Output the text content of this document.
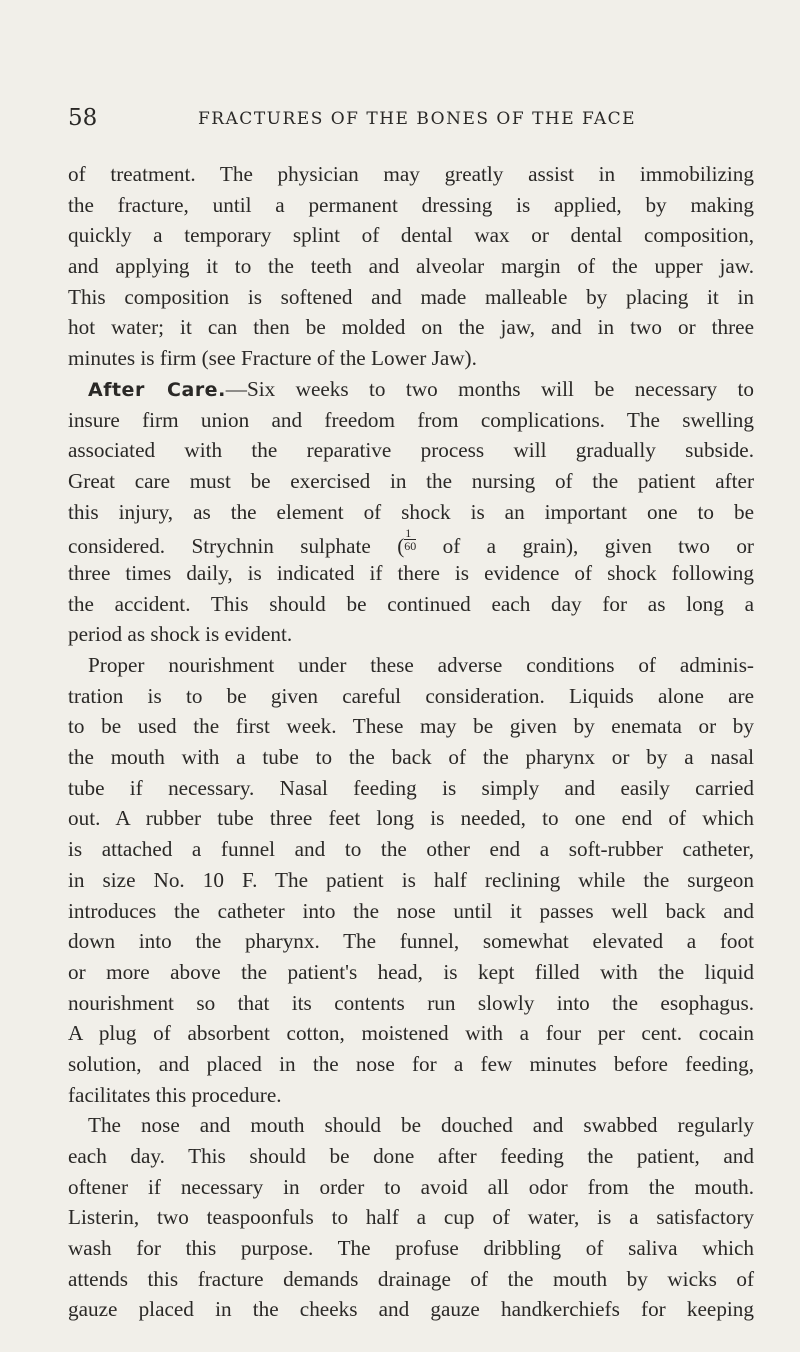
58	FRACTURES OF THE BONES OF THE FACE
of treatment. The physician may greatly assist in immobilizing
the fracture, until a permanent dressing is applied, by making
quickly a temporary splint of dental wax or dental composition,
and applying it to the teeth and alveolar margin of the upper jaw.
This composition is softened and made malleable by placing it in
hot water; it can then be molded on the jaw, and in two or three
minutes is firm (see Fracture of the Lower Jaw).
After Care.—Six weeks to two months will be necessary to
insure firm union and freedom from complications. The swelling
associated with the reparative process will gradually subside.
Great care must be exercised in the nursing of the patient after
this injury, as the element of shock is an important one to be
considered. Strychnin sulphate ( $\frac{1}{60}$ of a grain), given two or
three times daily, is indicated if there is evidence of shock following
the accident. This should be continued each day for as long a
period as shock is evident.
Proper nourishment under these adverse conditions of adminis-
tration is to be given careful consideration. Liquids alone are
to be used the first week. These may be given by enemata or by
the mouth with a tube to the back of the pharynx or by a nasal
tube if necessary. Nasal feeding is simply and easily carried
out. A rubber tube three feet long is needed, to one end of which
is attached a funnel and to the other end a soft-rubber catheter,
in size No. 10 F. The patient is half reclining while the surgeon
introduces the catheter into the nose until it passes well back and
down into the pharynx. The funnel, somewhat elevated a foot
or more above the patient's head, is kept filled with the liquid
nourishment so that its contents run slowly into the esophagus.
A plug of absorbent cotton, moistened with a four per cent. cocain
solution, and placed in the nose for a few minutes before feeding,
facilitates this procedure.
The nose and mouth should be douched and swabbed regularly
each day. This should be done after feeding the patient, and
oftener if necessary in order to avoid all odor from the mouth.
Listerin, two teaspoonfuls to half a cup of water, is a satisfactory
wash for this purpose. The profuse dribbling of saliva which
attends this fracture demands drainage of the mouth by wicks of
gauze placed in the cheeks and gauze handkerchiefs for keeping
